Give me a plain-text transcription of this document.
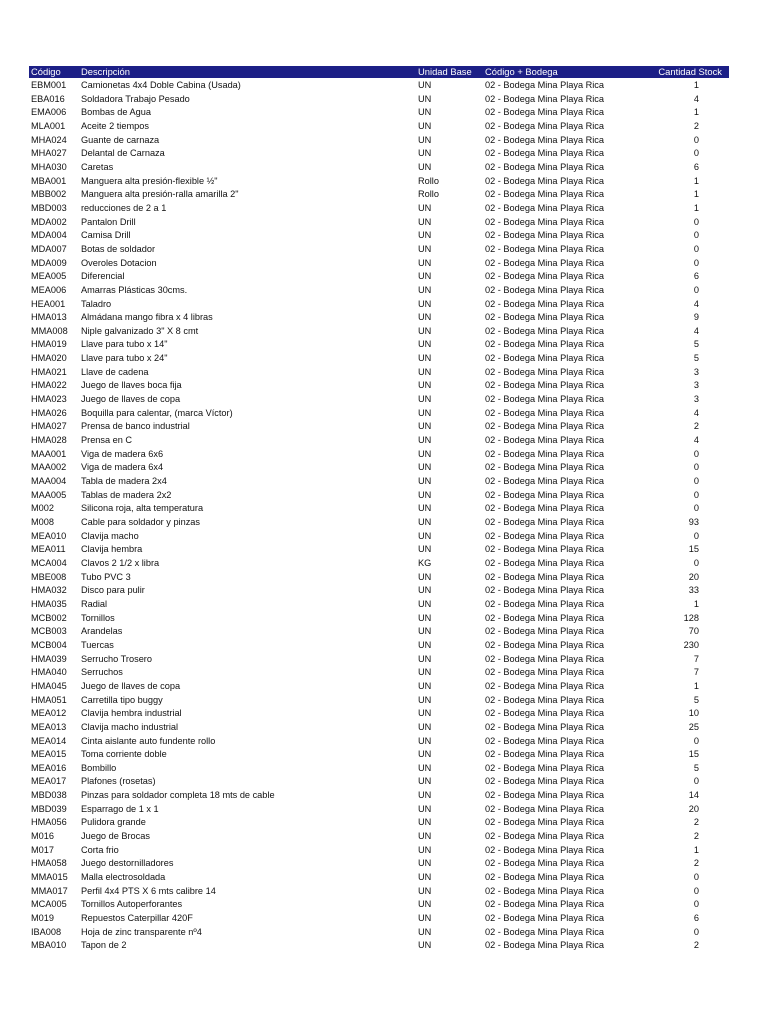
Código	Descripción	Unidad Base	Código + Bodega	Cantidad Stock
EBM001	Camionetas 4x4 Doble Cabina (Usada)	UN	02 - Bodega Mina Playa Rica	1
EBA016	Soldadora Trabajo Pesado	UN	02 - Bodega Mina Playa Rica	4
EMA006	Bombas de Agua	UN	02 - Bodega Mina Playa Rica	1
MLA001	Aceite 2 tiempos	UN	02 - Bodega Mina Playa Rica	2
MHA024	Guante de carnaza	UN	02 - Bodega Mina Playa Rica	0
MHA027	Delantal de Carnaza	UN	02 - Bodega Mina Playa Rica	0
MHA030	Caretas	UN	02 - Bodega Mina Playa Rica	6
MBA001	Manguera alta presión-flexible ½"	Rollo	02 - Bodega Mina Playa Rica	1
MBB002	Manguera alta presión-ralla amarilla 2"	Rollo	02 - Bodega Mina Playa Rica	1
MBD003	reducciones de 2 a 1	UN	02 - Bodega Mina Playa Rica	1
MDA002	Pantalon Drill	UN	02 - Bodega Mina Playa Rica	0
MDA004	Camisa Drill	UN	02 - Bodega Mina Playa Rica	0
MDA007	Botas de soldador	UN	02 - Bodega Mina Playa Rica	0
MDA009	Overoles Dotacion	UN	02 - Bodega Mina Playa Rica	0
MEA005	Diferencial	UN	02 - Bodega Mina Playa Rica	6
MEA006	Amarras Plásticas 30cms.	UN	02 - Bodega Mina Playa Rica	0
HEA001	Taladro	UN	02 - Bodega Mina Playa Rica	4
HMA013	Almádana mango fibra x 4 libras	UN	02 - Bodega Mina Playa Rica	9
MMA008	Niple galvanizado 3" X 8 cmt	UN	02 - Bodega Mina Playa Rica	4
HMA019	Llave para tubo x 14"	UN	02 - Bodega Mina Playa Rica	5
HMA020	Llave para tubo x 24"	UN	02 - Bodega Mina Playa Rica	5
HMA021	Llave de cadena	UN	02 - Bodega Mina Playa Rica	3
HMA022	Juego de llaves boca fija	UN	02 - Bodega Mina Playa Rica	3
HMA023	Juego de llaves de copa	UN	02 - Bodega Mina Playa Rica	3
HMA026	Boquilla para calentar, (marca Víctor)	UN	02 - Bodega Mina Playa Rica	4
HMA027	Prensa de banco industrial	UN	02 - Bodega Mina Playa Rica	2
HMA028	Prensa en C	UN	02 - Bodega Mina Playa Rica	4
MAA001	Viga de madera 6x6	UN	02 - Bodega Mina Playa Rica	0
MAA002	Viga de madera 6x4	UN	02 - Bodega Mina Playa Rica	0
MAA004	Tabla de madera 2x4	UN	02 - Bodega Mina Playa Rica	0
MAA005	Tablas de madera 2x2	UN	02 - Bodega Mina Playa Rica	0
M002	Silicona roja, alta temperatura	UN	02 - Bodega Mina Playa Rica	0
M008	Cable para soldador y pinzas	UN	02 - Bodega Mina Playa Rica	93
MEA010	Clavija macho	UN	02 - Bodega Mina Playa Rica	0
MEA011	Clavija hembra	UN	02 - Bodega Mina Playa Rica	15
MCA004	Clavos 2 1/2 x libra	KG	02 - Bodega Mina Playa Rica	0
MBE008	Tubo PVC 3	UN	02 - Bodega Mina Playa Rica	20
HMA032	Disco para pulir	UN	02 - Bodega Mina Playa Rica	33
HMA035	Radial	UN	02 - Bodega Mina Playa Rica	1
MCB002	Tornillos	UN	02 - Bodega Mina Playa Rica	128
MCB003	Arandelas	UN	02 - Bodega Mina Playa Rica	70
MCB004	Tuercas	UN	02 - Bodega Mina Playa Rica	230
HMA039	Serrucho Trosero	UN	02 - Bodega Mina Playa Rica	7
HMA040	Serruchos	UN	02 - Bodega Mina Playa Rica	7
HMA045	Juego de llaves de copa	UN	02 - Bodega Mina Playa Rica	1
HMA051	Carretilla tipo buggy	UN	02 - Bodega Mina Playa Rica	5
MEA012	Clavija hembra industrial	UN	02 - Bodega Mina Playa Rica	10
MEA013	Clavija macho industrial	UN	02 - Bodega Mina Playa Rica	25
MEA014	Cinta aislante auto fundente rollo	UN	02 - Bodega Mina Playa Rica	0
MEA015	Toma corriente doble	UN	02 - Bodega Mina Playa Rica	15
MEA016	Bombillo	UN	02 - Bodega Mina Playa Rica	5
MEA017	Plafones (rosetas)	UN	02 - Bodega Mina Playa Rica	0
MBD038	Pinzas para soldador completa 18 mts de cable	UN	02 - Bodega Mina Playa Rica	14
MBD039	Esparrago de 1 x 1	UN	02 - Bodega Mina Playa Rica	20
HMA056	Pulidora grande	UN	02 - Bodega Mina Playa Rica	2
M016	Juego de Brocas	UN	02 - Bodega Mina Playa Rica	2
M017	Corta frio	UN	02 - Bodega Mina Playa Rica	1
HMA058	Juego destornilladores	UN	02 - Bodega Mina Playa Rica	2
MMA015	Malla electrosoldada	UN	02 - Bodega Mina Playa Rica	0
MMA017	Perfil 4x4 PTS X 6 mts calibre 14	UN	02 - Bodega Mina Playa Rica	0
MCA005	Tornillos Autoperforantes	UN	02 - Bodega Mina Playa Rica	0
M019	Repuestos Caterpillar 420F	UN	02 - Bodega Mina Playa Rica	6
IBA008	Hoja de zinc transparente nº4	UN	02 - Bodega Mina Playa Rica	0
MBA010	Tapon de 2	UN	02 - Bodega Mina Playa Rica	2
